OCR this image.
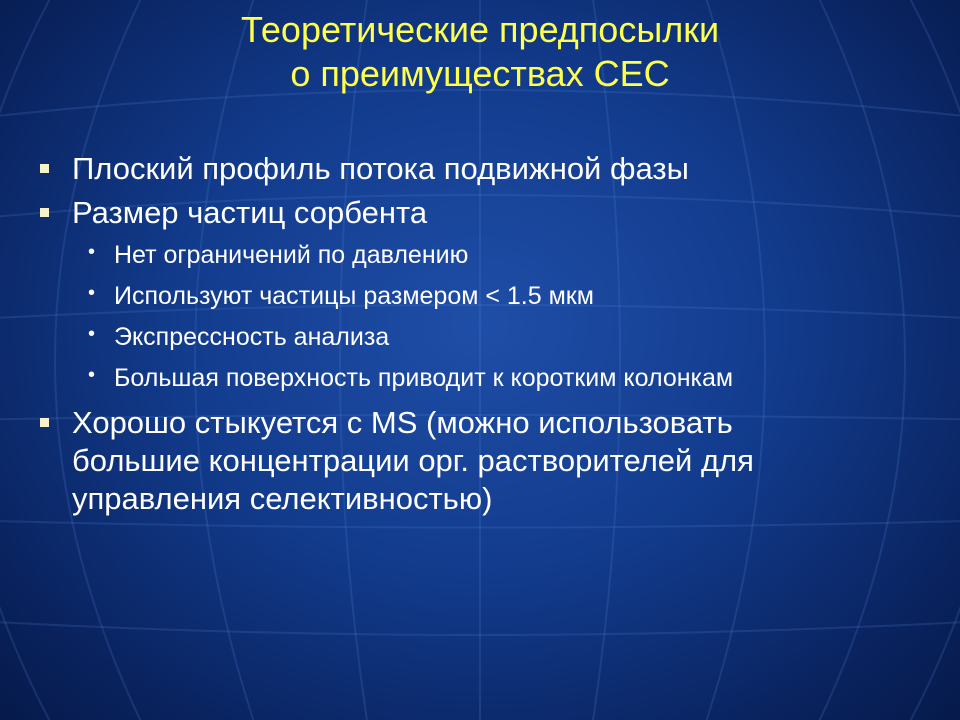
Теоретические предпосылки
о преимуществах СЕС
Плоский профиль потока подвижной фазы
Размер частиц сорбента
• Нет ограничений по давлению
• Используют частицы размером < 1.5 мкм
• Экспрессность анализа
• Большая поверхность приводит к коротким колонкам
Хорошо стыкуется с MS (можно использовать
большие концентрации орг. растворителей для
управления селективностью)
